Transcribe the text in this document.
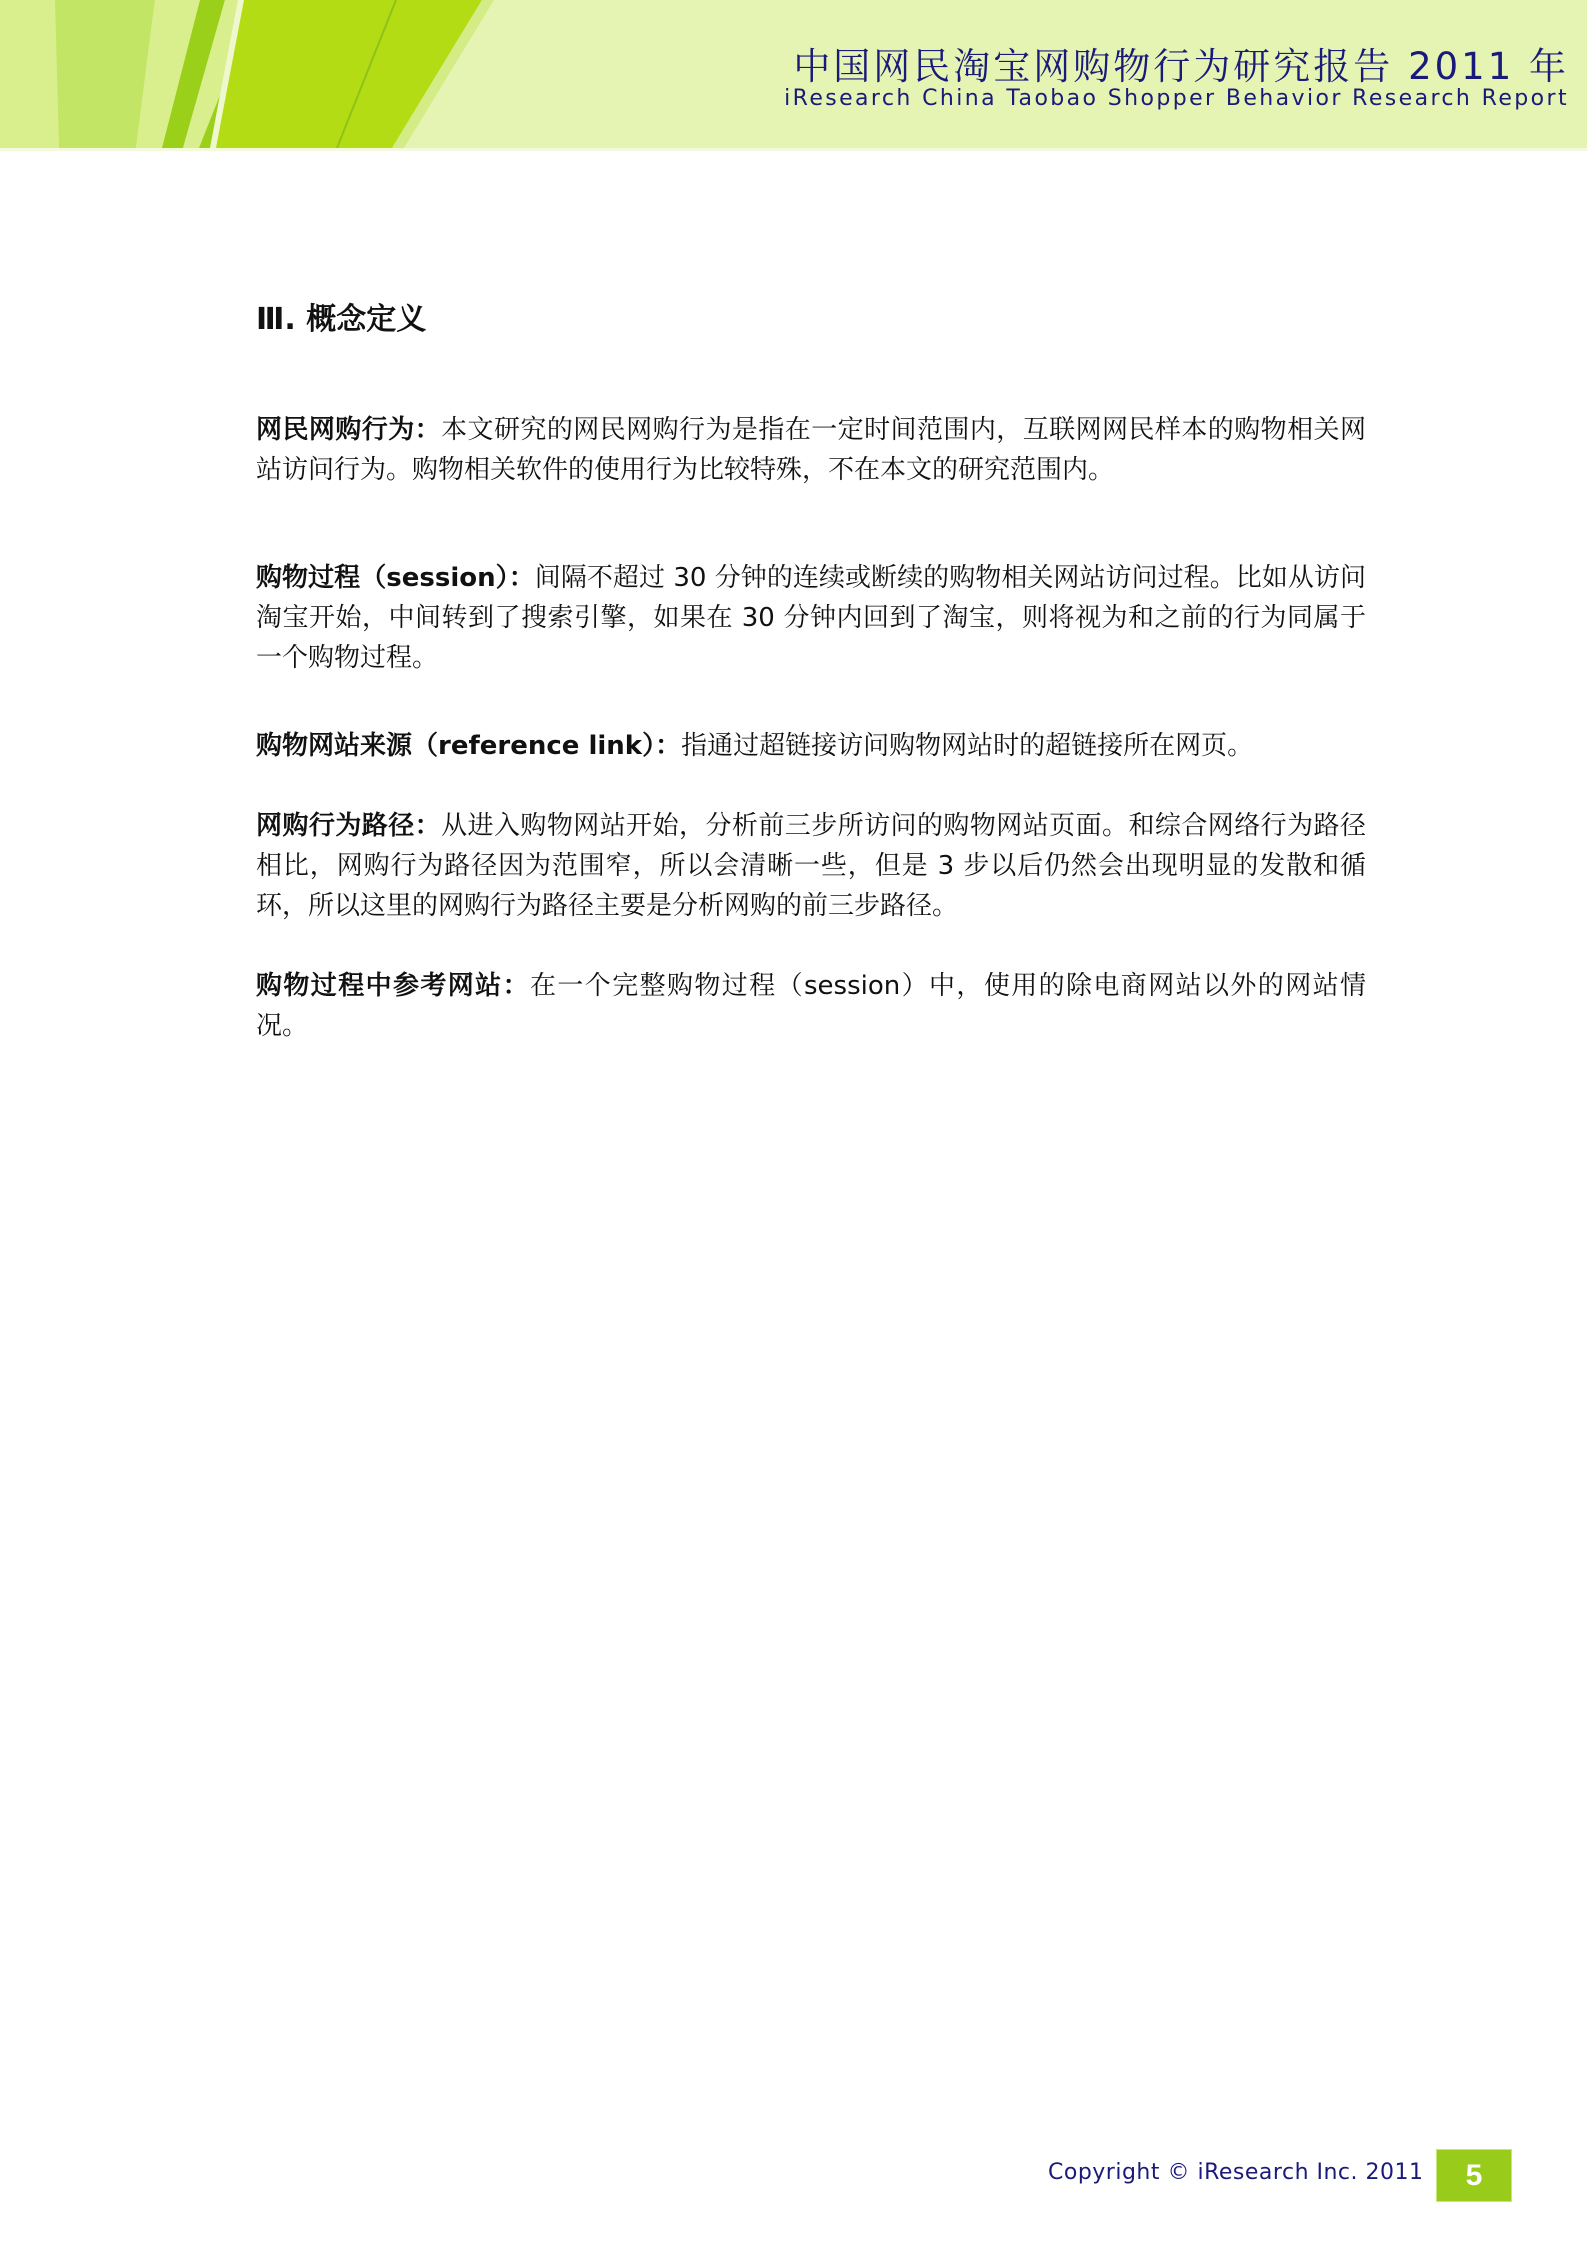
中国网民淘宝网购物行为研究报告 2011 年
iResearch China Taobao Shopper Behavior Research Report
Ⅲ. 概念定义

网民网购行为：本文研究的网民网购行为是指在一定时间范围内，互联网网民样本的购物相关网站访问行为。购物相关软件的使用行为比较特殊，不在本文的研究范围内。

购物过程（session）：间隔不超过 30 分钟的连续或断续的购物相关网站访问过程。比如从访问淘宝开始，中间转到了搜索引擎，如果在 30 分钟内回到了淘宝，则将视为和之前的行为同属于一个购物过程。

购物网站来源（reference link）：指通过超链接访问购物网站时的超链接所在网页。

网购行为路径：从进入购物网站开始，分析前三步所访问的购物网站页面。和综合网络行为路径相比，网购行为路径因为范围窄，所以会清晰一些，但是 3 步以后仍然会出现明显的发散和循环，所以这里的网购行为路径主要是分析网购的前三步路径。

购物过程中参考网站：在一个完整购物过程（session）中，使用的除电商网站以外的网站情况。

Copyright © iResearch Inc. 2011	5
